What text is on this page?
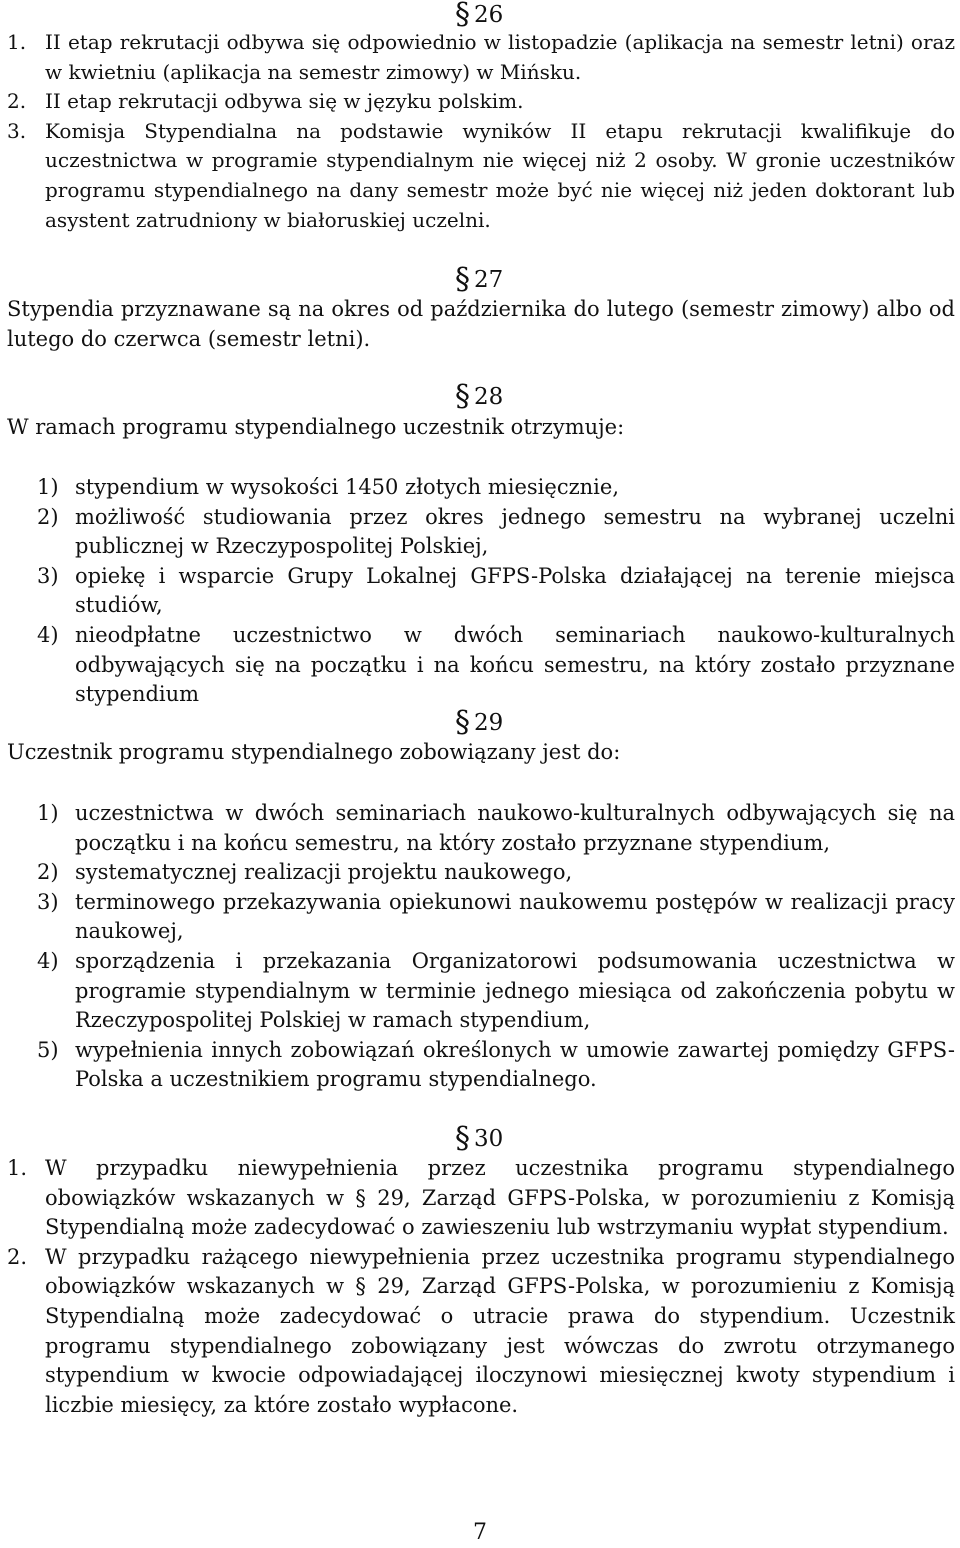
§ 26
1. II etap rekrutacji odbywa się odpowiednio w listopadzie (aplikacja na semestr letni) oraz w kwietniu (aplikacja na semestr zimowy) w Mińsku.
2. II etap rekrutacji odbywa się w języku polskim.
3. Komisja Stypendialna na podstawie wyników II etapu rekrutacji kwalifikuje do uczestnictwa w programie stypendialnym nie więcej niż 2 osoby. W gronie uczestników programu stypendialnego na dany semestr może być nie więcej niż jeden doktorant lub asystent zatrudniony w białoruskiej uczelni.
§ 27
Stypendia przyznawane są na okres od października do lutego (semestr zimowy) albo od lutego do czerwca (semestr letni).
§ 28
W ramach programu stypendialnego uczestnik otrzymuje:
1) stypendium w wysokości 1450 złotych miesięcznie,
2) możliwość studiowania przez okres jednego semestru na wybranej uczelni publicznej w Rzeczypospolitej Polskiej,
3) opiekę i wsparcie Grupy Lokalnej GFPS-Polska działającej na terenie miejsca studiów,
4) nieodpłatne uczestnictwo w dwóch seminariach naukowo-kulturalnych odbywających się na początku i na końcu semestru, na który zostało przyznane stypendium
§ 29
Uczestnik programu stypendialnego zobowiązany jest do:
1) uczestnictwa w dwóch seminariach naukowo-kulturalnych odbywających się na początku i na końcu semestru, na który zostało przyznane stypendium,
2) systematycznej realizacji projektu naukowego,
3) terminowego przekazywania opiekunowi naukowemu postępów w realizacji pracy naukowej,
4) sporządzenia i przekazania Organizatorowi podsumowania uczestnictwa w programie stypendialnym w terminie jednego miesiąca od zakończenia pobytu w Rzeczypospolitej Polskiej w ramach stypendium,
5) wypełnienia innych zobowiązań określonych w umowie zawartej pomiędzy GFPS-Polska a uczestnikiem programu stypendialnego.
§ 30
1. W przypadku niewypełnienia przez uczestnika programu stypendialnego obowiązków wskazanych w § 29, Zarząd GFPS-Polska, w porozumieniu z Komisją Stypendialną może zadecydować o zawieszeniu lub wstrzymaniu wypłat stypendium.
2. W przypadku rażącego niewypełnienia przez uczestnika programu stypendialnego obowiązków wskazanych w § 29, Zarząd GFPS-Polska, w porozumieniu z Komisją Stypendialną może zadecydować o utracie prawa do stypendium. Uczestnik programu stypendialnego zobowiązany jest wówczas do zwrotu otrzymanego stypendium w kwocie odpowiadającej iloczynowi miesięcznej kwoty stypendium i liczbie miesięcy, za które zostało wypłacone.
7
